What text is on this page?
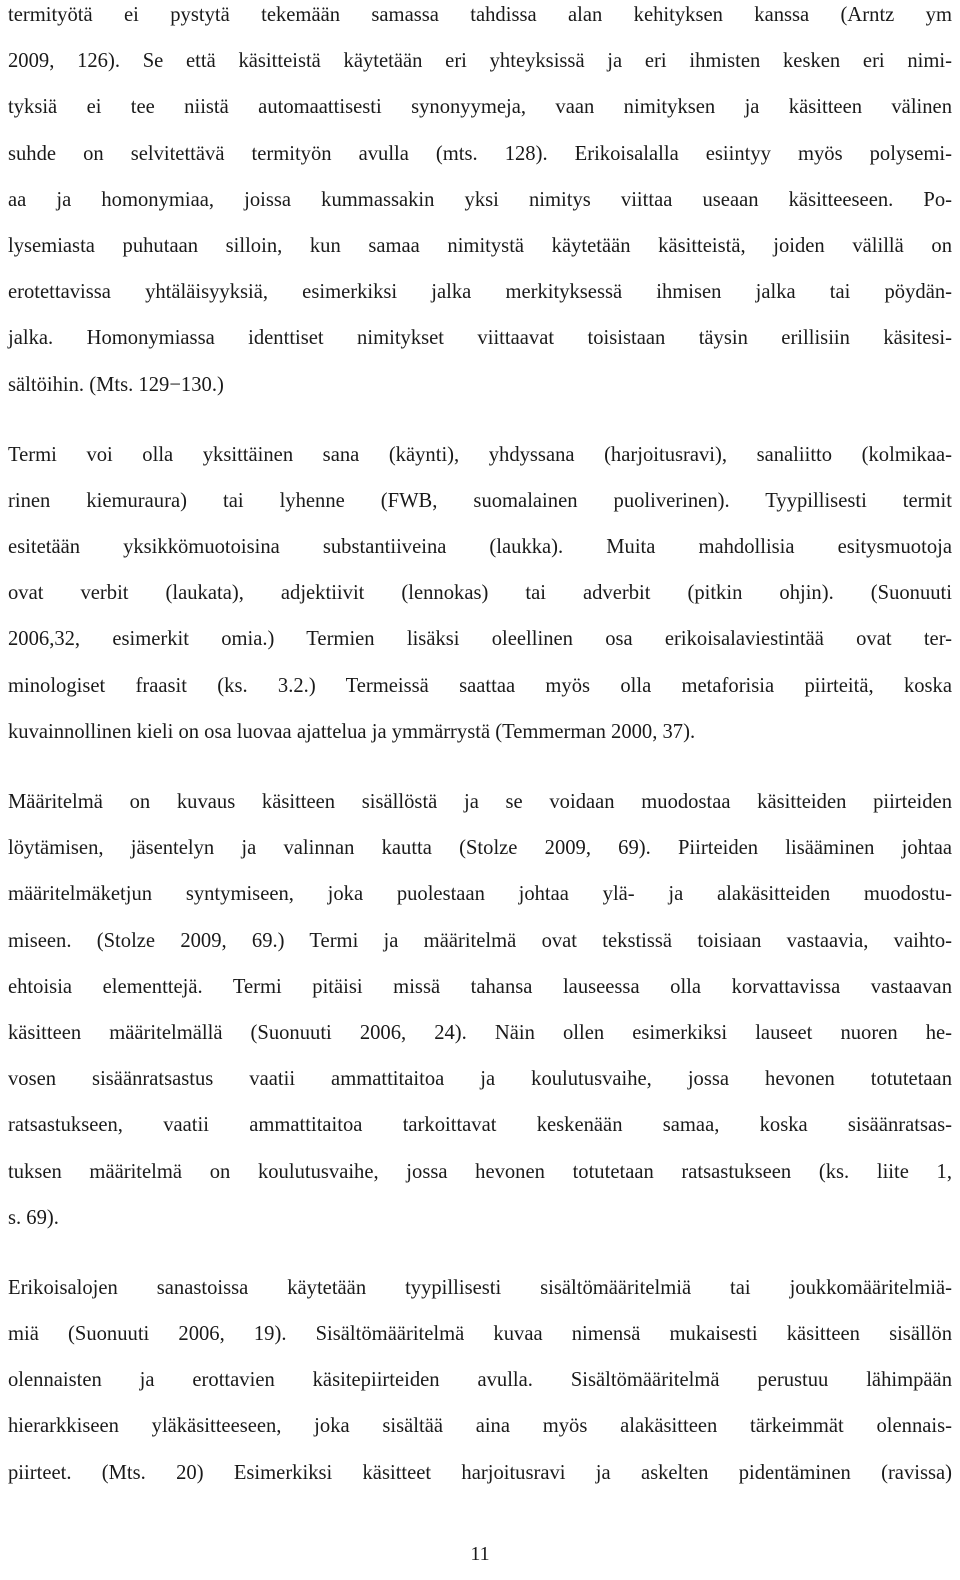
termityötä ei pystytä tekemään samassa tahdissa alan kehityksen kanssa (Arntz ym
2009, 126). Se että käsitteistä käytetään eri yhteyksissä ja eri ihmisten kesken eri nimi-
tyksiä ei tee niistä automaattisesti synonyymeja, vaan nimityksen ja käsitteen välinen
suhde on selvitettävä termityön avulla (mts. 128). Erikoisalalla esiintyy myös polysemi-
aa ja homonymiaa, joissa kummassakin yksi nimitys viittaa useaan käsitteeseen. Po-
lysemiasta puhutaan silloin, kun samaa nimitystä käytetään käsitteistä, joiden välillä on
erotettavissa yhtäläisyyksiä, esimerkiksi jalka merkityksessä ihmisen jalka tai pöydän-
jalka. Homonymiassa identtiset nimitykset viittaavat toisistaan täysin erillisiin käsitesi-
sältöihin. (Mts. 129−130.)
Termi voi olla yksittäinen sana (käynti), yhdyssana (harjoitusravi), sanaliitto (kolmikaa-
rinen kiemuraura) tai lyhenne (FWB, suomalainen puoliverinen). Tyypillisesti termit
esitetään yksikkömuotoisina substantiiveina (laukka). Muita mahdollisia esitysmuotoja
ovat verbit (laukata), adjektiivit (lennokas) tai adverbit (pitkin ohjin). (Suonuuti
2006,32, esimerkit omia.) Termien lisäksi oleellinen osa erikoisalaviestintää ovat ter-
minologiset fraasit (ks. 3.2.) Termeissä saattaa myös olla metaforisia piirteitä, koska
kuvainnollinen kieli on osa luovaa ajattelua ja ymmärrystä (Temmerman 2000, 37).
Määritelmä on kuvaus käsitteen sisällöstä ja se voidaan muodostaa käsitteiden piirteiden
löytämisen, jäsentelyn ja valinnan kautta (Stolze 2009, 69). Piirteiden lisääminen johtaa
määritelmäketjun syntymiseen, joka puolestaan johtaa ylä- ja alakäsitteiden muodostu-
miseen. (Stolze 2009, 69.) Termi ja määritelmä ovat tekstissä toisiaan vastaavia, vaihto-
ehtoisia elementtejä. Termi pitäisi missä tahansa lauseessa olla korvattavissa vastaavan
käsitteen määritelmällä (Suonuuti 2006, 24). Näin ollen esimerkiksi lauseet nuoren he-
vosen sisäänratsastus vaatii ammattitaitoa ja koulutusvaihe, jossa hevonen totutetaan
ratsastukseen, vaatii ammattitaitoa tarkoittavat keskenään samaa, koska sisäänratsas-
tuksen määritelmä on koulutusvaihe, jossa hevonen totutetaan ratsastukseen (ks. liite 1,
s. 69).
Erikoisalojen sanastoissa käytetään tyypillisesti sisältömääritelmiä tai joukkomääritelmiä-
miä (Suonuuti 2006, 19). Sisältömääritelmä kuvaa nimensä mukaisesti käsitteen sisällön
olennaisten ja erottavien käsitepiirteiden avulla. Sisältömääritelmä perustuu lähimpään
hierarkkiseen yläkäsitteeseen, joka sisältää aina myös alakäsitteen tärkeimmät olennais-
piirteet. (Mts. 20) Esimerkiksi käsitteet harjoitusravi ja askelten pidentäminen (ravissa)
11
